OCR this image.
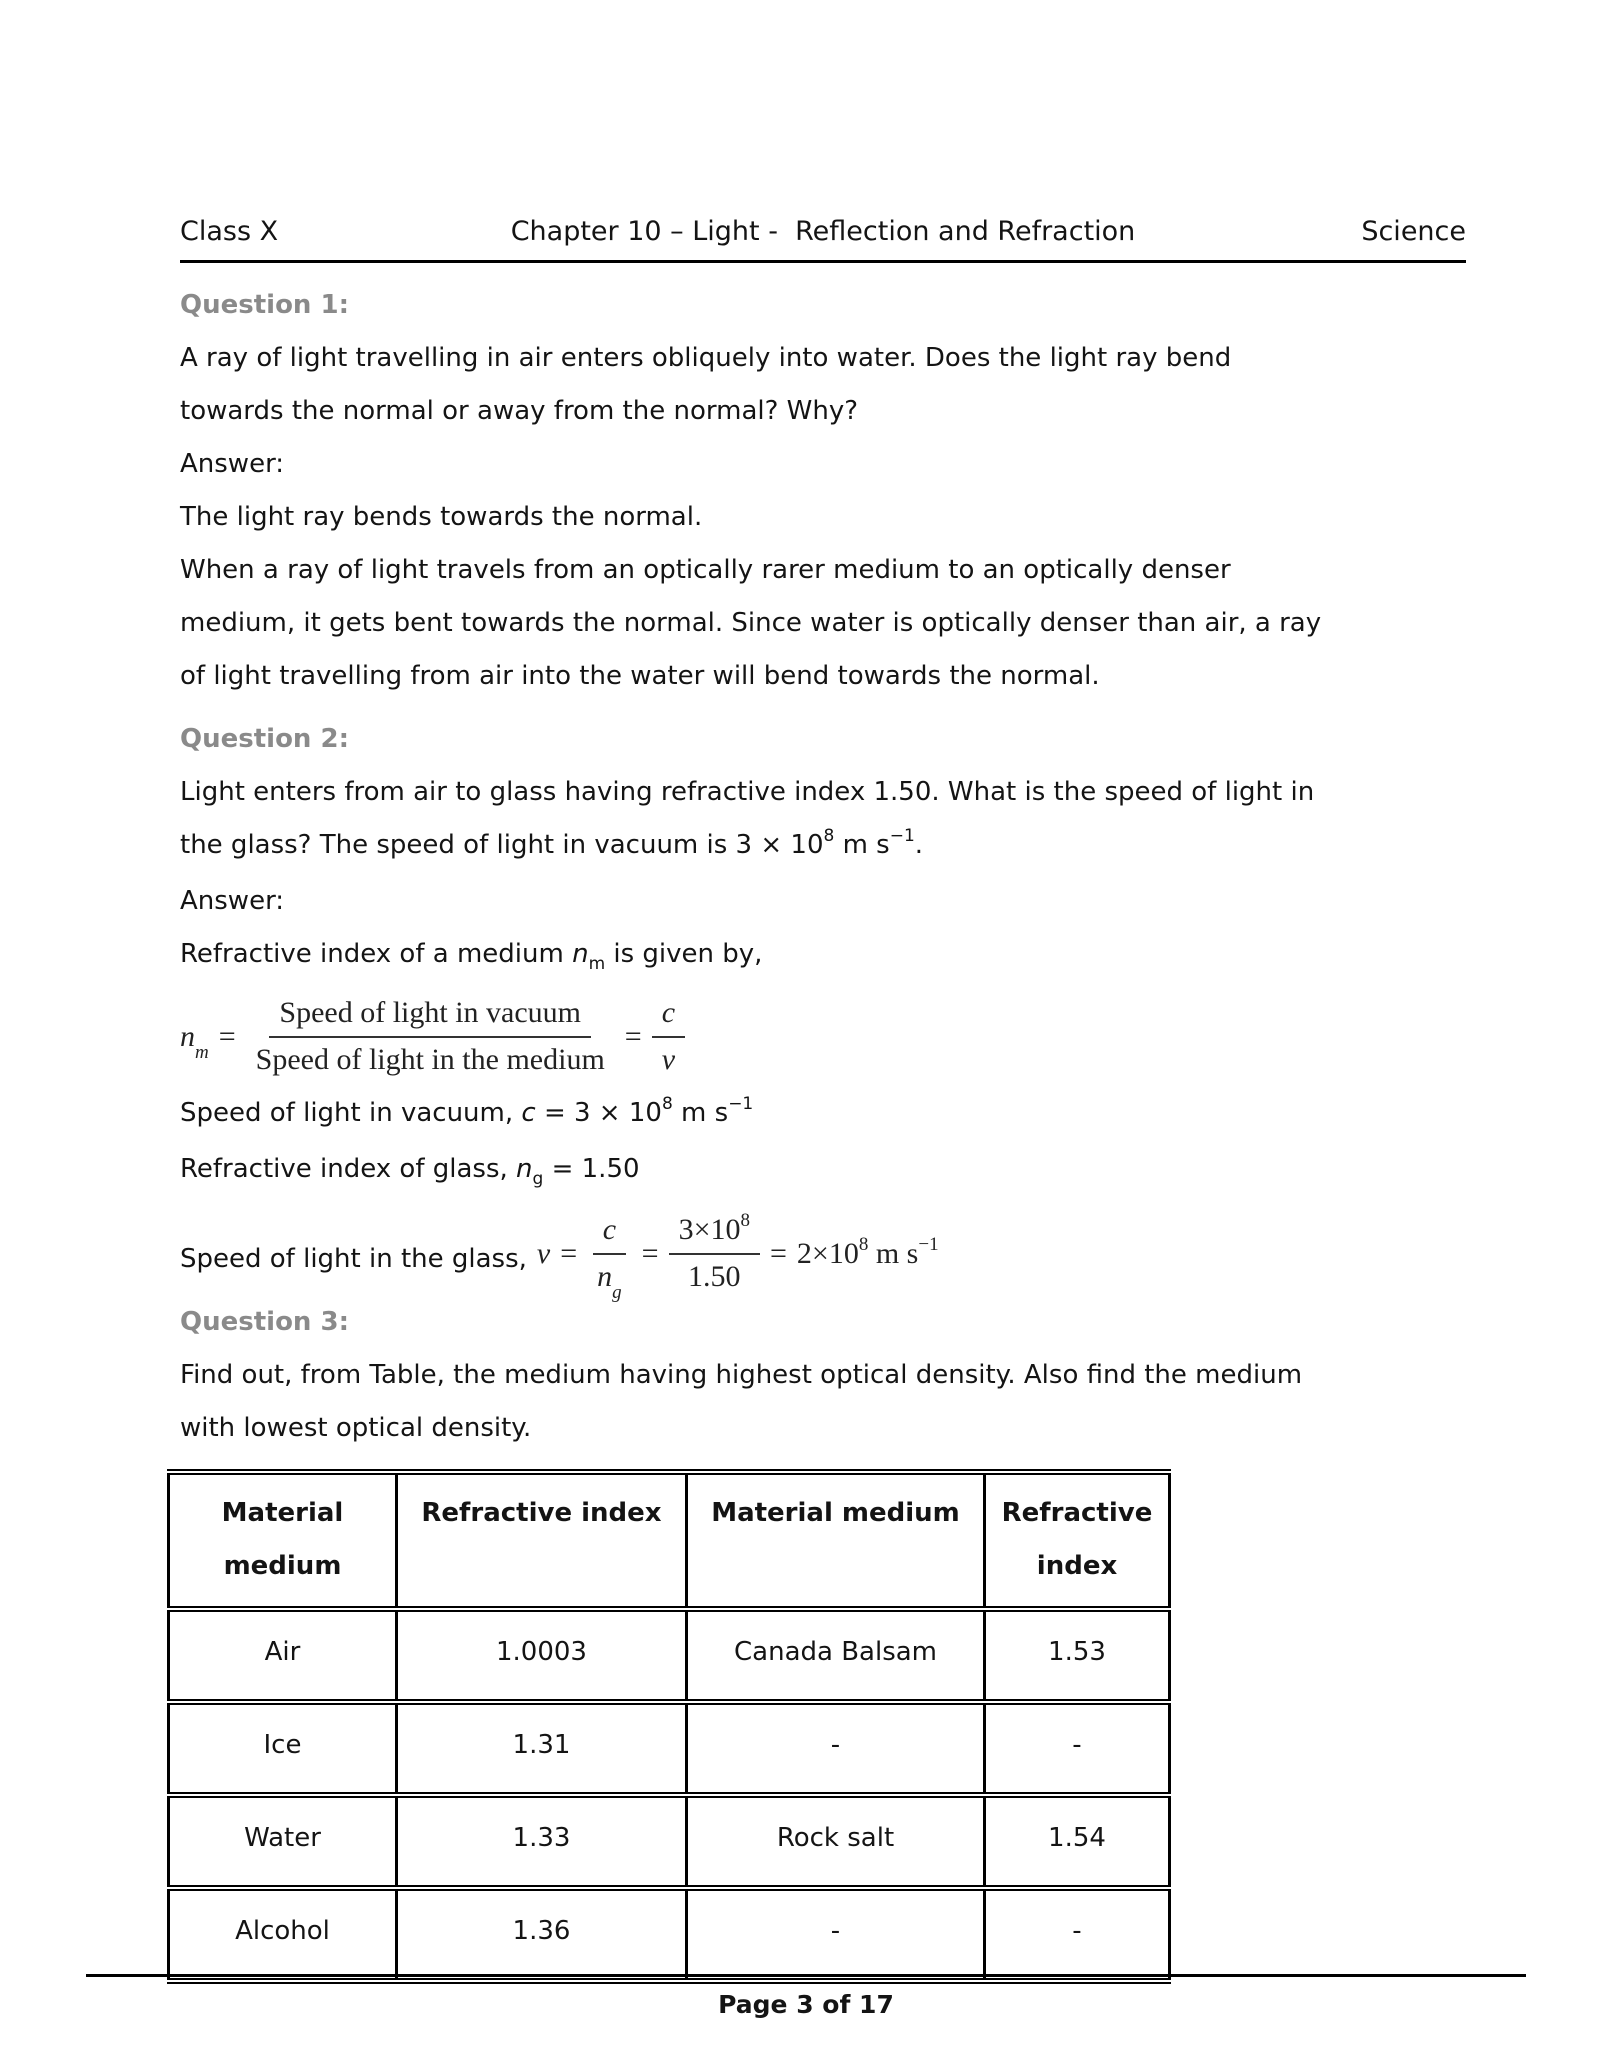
Class X	Chapter 10 – Light -  Reflection and Refraction	Science

Question 1:

A ray of light travelling in air enters obliquely into water. Does the light ray bend

towards the normal or away from the normal? Why?

Answer:

The light ray bends towards the normal.

When a ray of light travels from an optically rarer medium to an optically denser

medium, it gets bent towards the normal. Since water is optically denser than air, a ray

of light travelling from air into the water will bend towards the normal.

Question 2:

Light enters from air to glass having refractive index 1.50. What is the speed of light in

the glass? The speed of light in vacuum is $3 \times 10^8$ m $s^{-1}$.

Answer:

Refractive index of a medium $n_m$ is given by,

$n_m = \frac{\text{Speed of light in vacuum}}{\text{Speed of light in the medium}} = \frac{c}{v}$

Speed of light in vacuum, $c = 3 \times 10^8$ m $s^{-1}$

Refractive index of glass, $n_g = 1.50$

Speed of light in the glass, $v = \frac{c}{n_g} = \frac{3\times 10^8}{1.50} = 2\times 10^8$ m $s^{-1}$

Question 3:

Find out, from Table, the medium having highest optical density. Also find the medium

with lowest optical density.

Material medium	Refractive index	Material medium	Refractive index
Air	1.0003	Canada Balsam	1.53
Ice	1.31	-	-
Water	1.33	Rock salt	1.54
Alcohol	1.36	-	-
Page 3 of 17
